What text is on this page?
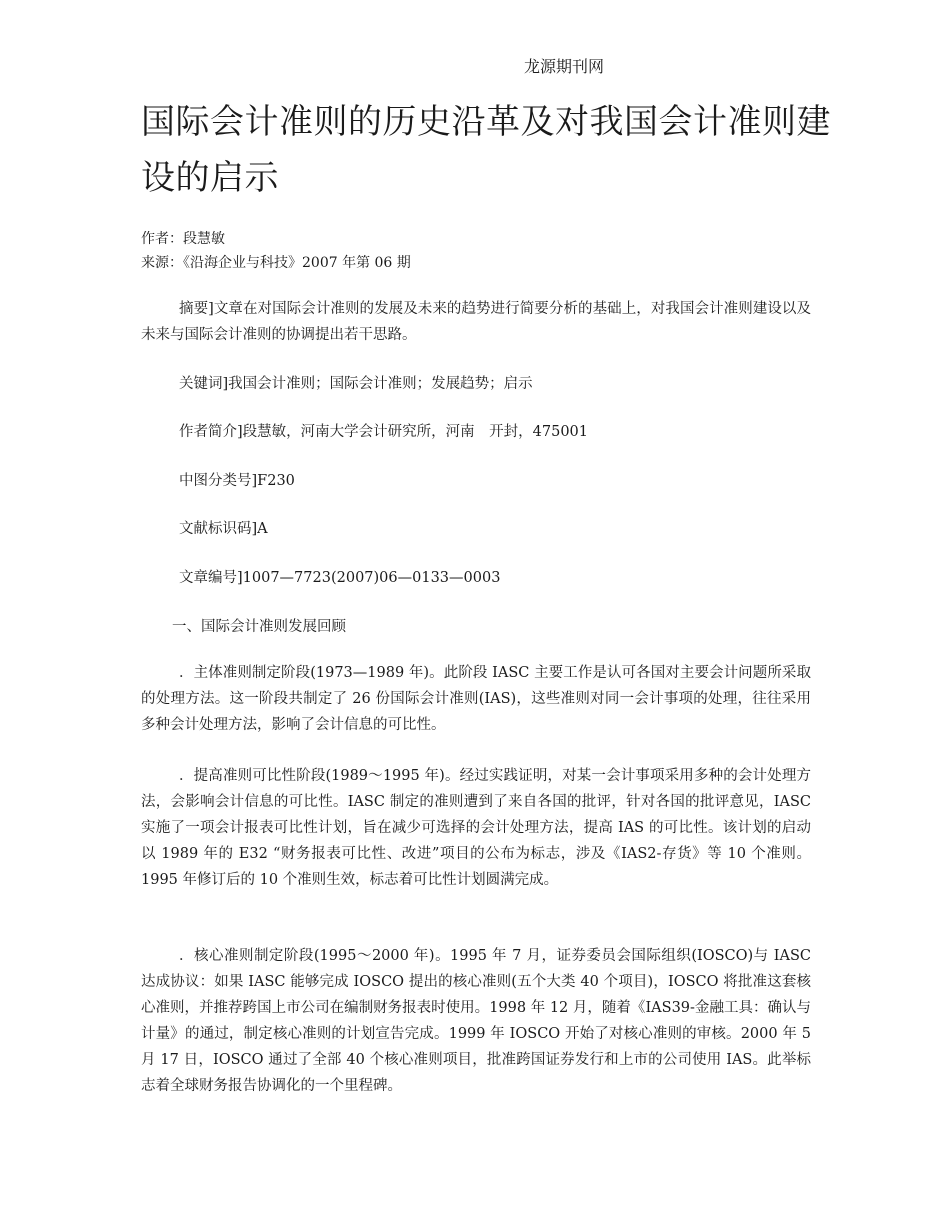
龙源期刊网
国际会计准则的历史沿革及对我国会计准则建设的启示
作者：段慧敏
来源：《沿海企业与科技》2007 年第 06 期

摘要]文章在对国际会计准则的发展及未来的趋势进行简要分析的基础上，对我国会计准则建设以及未来与国际会计准则的协调提出若干思路。

关键词]我国会计准则；国际会计准则；发展趋势；启示
作者简介]段慧敏，河南大学会计研究所，河南　开封，475001
中图分类号]F230
文献标识码]A
文章编号]1007—7723(2007)06—0133—0003
一、国际会计准则发展回顾

．主体准则制定阶段(1973—1989 年)。此阶段 IASC 主要工作是认可各国对主要会计问题所采取的处理方法。这一阶段共制定了 26 份国际会计准则(IAS)，这些准则对同一会计事项的处理，往往采用多种会计处理方法，影响了会计信息的可比性。

．提高准则可比性阶段(1989～1995 年)。经过实践证明，对某一会计事项采用多种的会计处理方法，会影响会计信息的可比性。IASC 制定的准则遭到了来自各国的批评，针对各国的批评意见，IASC 实施了一项会计报表可比性计划，旨在减少可选择的会计处理方法，提高 IAS 的可比性。该计划的启动以 1989 年的 E32 “财务报表可比性、改进”项目的公布为标志，涉及《IAS2-存货》等 10 个准则。1995 年修订后的 10 个准则生效，标志着可比性计划圆满完成。

．核心准则制定阶段(1995～2000 年)。1995 年 7 月，证券委员会国际组织(IOSCO)与 IASC 达成协议：如果 IASC 能够完成 IOSCO 提出的核心准则(五个大类 40 个项目)，IOSCO 将批准这套核心准则，并推荐跨国上市公司在编制财务报表时使用。1998 年 12 月，随着《IAS39-金融工具：确认与计量》的通过，制定核心准则的计划宣告完成。1999 年 IOSCO 开始了对核心准则的审核。2000 年 5 月 17 日，IOSCO 通过了全部 40 个核心准则项目，批准跨国证券发行和上市的公司使用 IAS。此举标志着全球财务报告协调化的一个里程碑。
